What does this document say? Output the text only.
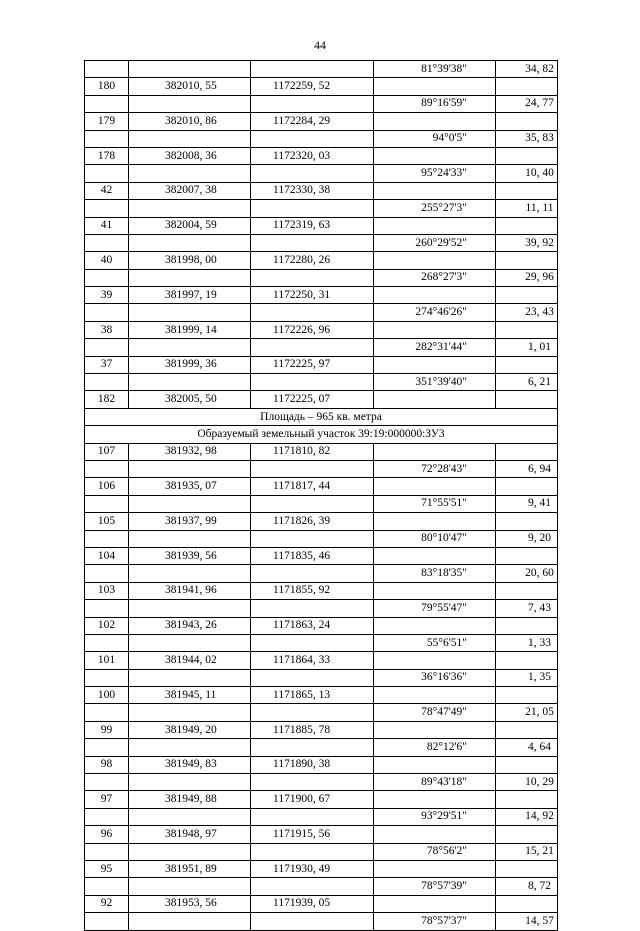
44
			81°39'38"	34, 82
180	382010, 55	1172259, 52		
			89°16'59"	24, 77
179	382010, 86	1172284, 29		
			94°0'5"	35, 83
178	382008, 36	1172320, 03		
			95°24'33"	10, 40
42	382007, 38	1172330, 38		
			255°27'3"	11, 11
41	382004, 59	1172319, 63		
			260°29'52"	39, 92
40	381998, 00	1172280, 26		
			268°27'3"	29, 96
39	381997, 19	1172250, 31		
			274°46'26"	23, 43
38	381999, 14	1172226, 96		
			282°31'44"	1, 01
37	381999, 36	1172225, 97		
			351°39'40"	6, 21
182	382005, 50	1172225, 07		
Площадь – 965 кв. метра				
Образуемый земельный участок 39:19:000000:ЗУ3				
107	381932, 98	1171810, 82		
			72°28'43"	6, 94
106	381935, 07	1171817, 44		
			71°55'51"	9, 41
105	381937, 99	1171826, 39		
			80°10'47"	9, 20
104	381939, 56	1171835, 46		
			83°18'35"	20, 60
103	381941, 96	1171855, 92		
			79°55'47"	7, 43
102	381943, 26	1171863, 24		
			55°6'51"	1, 33
101	381944, 02	1171864, 33		
			36°16'36"	1, 35
100	381945, 11	1171865, 13		
			78°47'49"	21, 05
99	381949, 20	1171885, 78		
			82°12'6"	4, 64
98	381949, 83	1171890, 38		
			89°43'18"	10, 29
97	381949, 88	1171900, 67		
			93°29'51"	14, 92
96	381948, 97	1171915, 56		
			78°56'2"	15, 21
95	381951, 89	1171930, 49		
			78°57'39"	8, 72
92	381953, 56	1171939, 05		
			78°57'37"	14, 57
